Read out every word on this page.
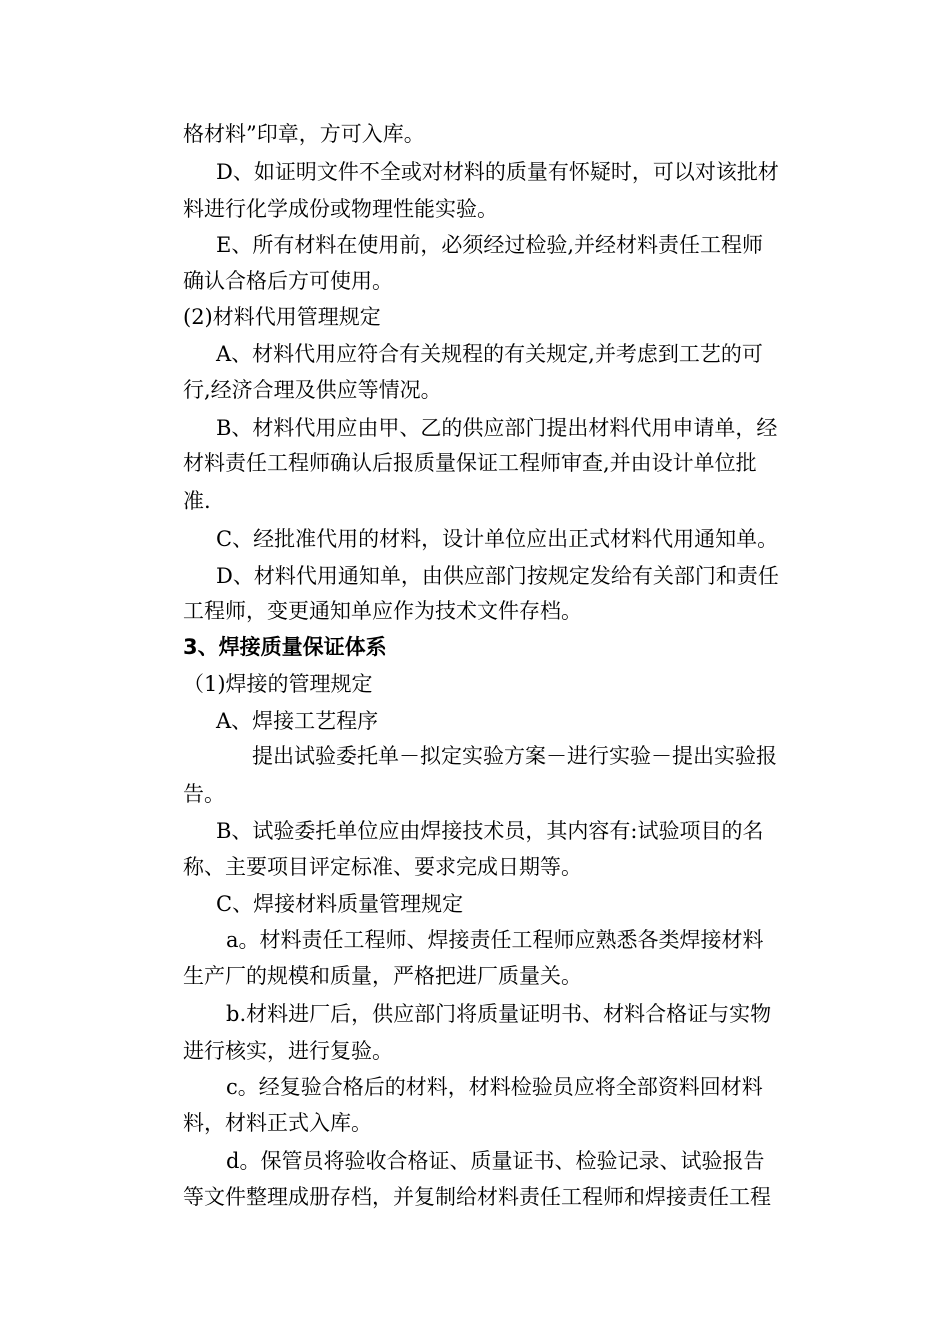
格材料”印章，方可入库。
D、如证明文件不全或对材料的质量有怀疑时，可以对该批材
料进行化学成份或物理性能实验。
E、所有材料在使用前，必须经过检验,并经材料责任工程师
确认合格后方可使用。
(2)材料代用管理规定
A、材料代用应符合有关规程的有关规定,并考虑到工艺的可
行,经济合理及供应等情况。
B、材料代用应由甲、乙的供应部门提出材料代用申请单，经
材料责任工程师确认后报质量保证工程师审查,并由设计单位批
准.
C、经批准代用的材料，设计单位应出正式材料代用通知单。
D、材料代用通知单，由供应部门按规定发给有关部门和责任
工程师，变更通知单应作为技术文件存档。
3、焊接质量保证体系
（1)焊接的管理规定
A、焊接工艺程序
提出试验委托单－拟定实验方案－进行实验－提出实验报
告。
B、试验委托单位应由焊接技术员，其内容有:试验项目的名
称、主要项目评定标准、要求完成日期等。
C、焊接材料质量管理规定
a。材料责任工程师、焊接责任工程师应熟悉各类焊接材料
生产厂的规模和质量，严格把进厂质量关。
b.材料进厂后，供应部门将质量证明书、材料合格证与实物
进行核实，进行复验。
c。经复验合格后的材料，材料检验员应将全部资料回材料
料，材料正式入库。
d。保管员将验收合格证、质量证书、检验记录、试验报告
等文件整理成册存档，并复制给材料责任工程师和焊接责任工程
